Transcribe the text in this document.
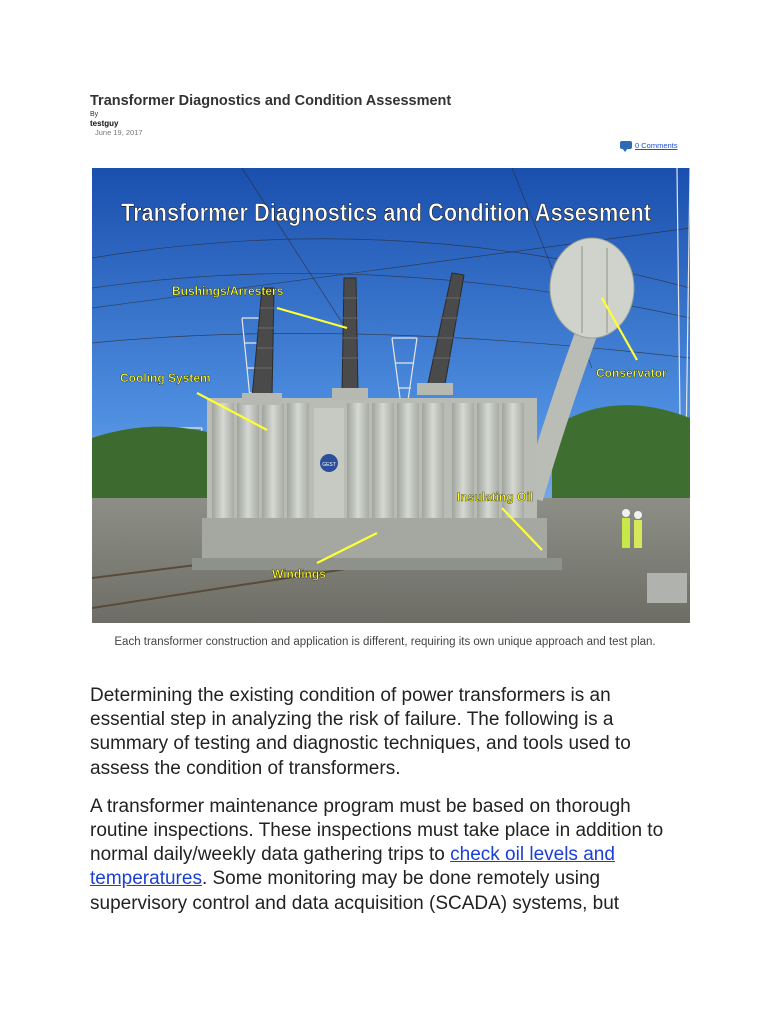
Transformer Diagnostics and Condition Assessment
By
testguy
June 19, 2017
0 Comments
GEST
Transformer Diagnostics and Condition Assesment
Bushings/Arresters
Cooling System	Conservator
Insulating Oil
Windings
Each transformer construction and application is different, requiring its own unique approach and test plan.

Determining the existing condition of power transformers is an essential step in analyzing the risk of failure. The following is a summary of testing and diagnostic techniques, and tools used to assess the condition of transformers.

A transformer maintenance program must be based on thorough routine inspections. These inspections must take place in addition to normal daily/weekly data gathering trips to check oil levels and temperatures. Some monitoring may be done remotely using supervisory control and data acquisition (SCADA) systems, but
